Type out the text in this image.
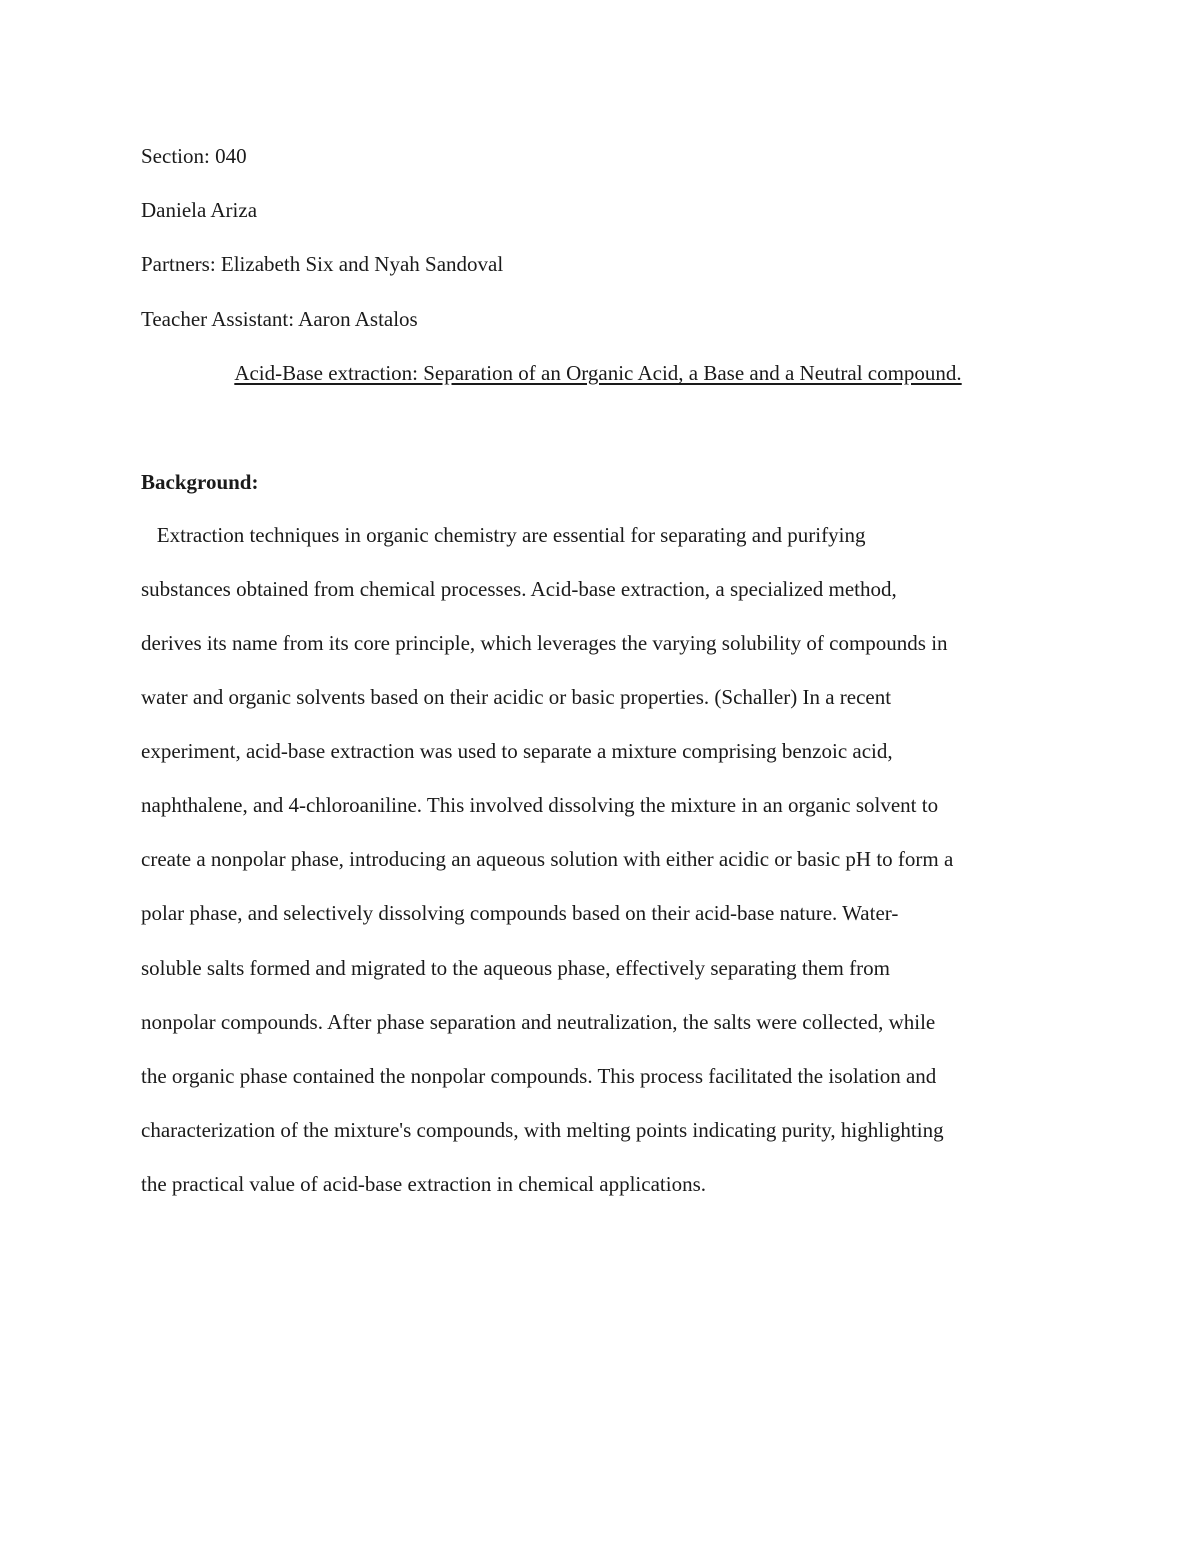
Section: 040
Daniela Ariza
Partners: Elizabeth Six and Nyah Sandoval
Teacher Assistant: Aaron Astalos
Acid-Base extraction: Separation of an Organic Acid, a Base and a Neutral compound.
Background:
Extraction techniques in organic chemistry are essential for separating and purifying
substances obtained from chemical processes. Acid-base extraction, a specialized method,
derives its name from its core principle, which leverages the varying solubility of compounds in
water and organic solvents based on their acidic or basic properties. (Schaller) In a recent
experiment, acid-base extraction was used to separate a mixture comprising benzoic acid,
naphthalene, and 4-chloroaniline. This involved dissolving the mixture in an organic solvent to
create a nonpolar phase, introducing an aqueous solution with either acidic or basic pH to form a
polar phase, and selectively dissolving compounds based on their acid-base nature. Water-
soluble salts formed and migrated to the aqueous phase, effectively separating them from
nonpolar compounds. After phase separation and neutralization, the salts were collected, while
the organic phase contained the nonpolar compounds. This process facilitated the isolation and
characterization of the mixture's compounds, with melting points indicating purity, highlighting
the practical value of acid-base extraction in chemical applications.
